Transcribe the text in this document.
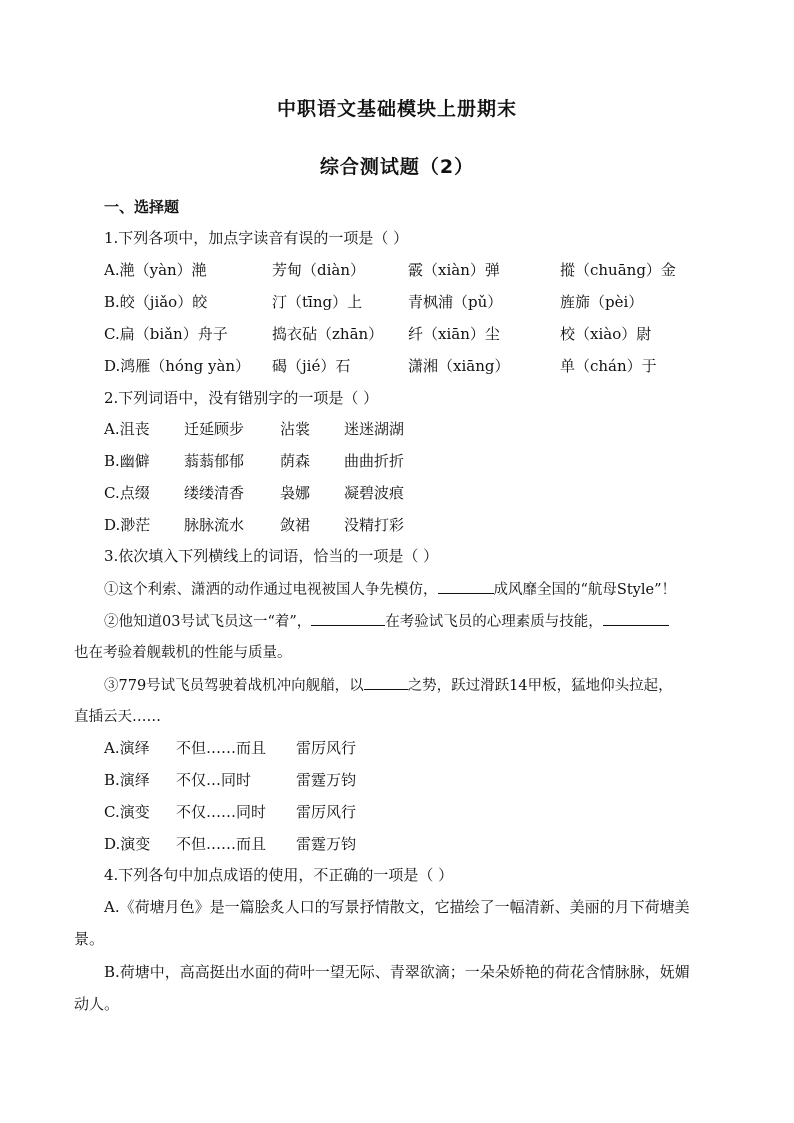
中职语文基础模块上册期末
综合测试题（2）
一、选择题
1.下列各项中，加点字读音有误的一项是（ ）
A.滟（yàn）滟	芳甸（diàn）	霰（xiàn）弹	摐（chuāng）金
B.皎（jiǎo）皎	汀（tīng）上	青枫浦（pǔ）	旌旆（pèi）
C.扁（biǎn）舟子	捣衣砧（zhān） 纤（xiān）尘	校（xiào）尉
D.鸿雁（hóng yàn） 碣（jié）石	潇湘（xiāng）	单（chán）于
2.下列词语中，没有错别字的一项是（ ）
A.沮丧 迁延顾步 沾裳 迷迷湖湖
B.幽僻 蓊蓊郁郁 荫森 曲曲折折
C.点缀 缕缕清香 袅娜 凝碧波痕
D.渺茫 脉脉流水 敛裙 没精打彩
3.依次填入下列横线上的词语，恰当的一项是（ ）
①这个利索、潇洒的动作通过电视被国人争先模仿，	成风靡全国的“航母Style”！
②他知道03号试飞员这一“着”，	在考验试飞员的心理素质与技能，
也在考验着舰载机的性能与质量。
③779号试飞员驾驶着战机冲向舰艏，以	之势，跃过滑跃14甲板，猛地仰头拉起，
直插云天……
A.演绎 不但……而且 雷厉风行
B.演绎 不仅…同时	雷霆万钧
C.演变 不仅……同时 雷厉风行
D.演变 不但……而且 雷霆万钧
4.下列各句中加点成语的使用，不正确的一项是（ ）
A.《荷塘月色》是一篇脍炙人口的写景抒情散文，它描绘了一幅清新、美丽的月下荷塘美
景。
B.荷塘中，高高挺出水面的荷叶一望无际、青翠欲滴；一朵朵娇艳的荷花含情脉脉，妩媚
动人。
